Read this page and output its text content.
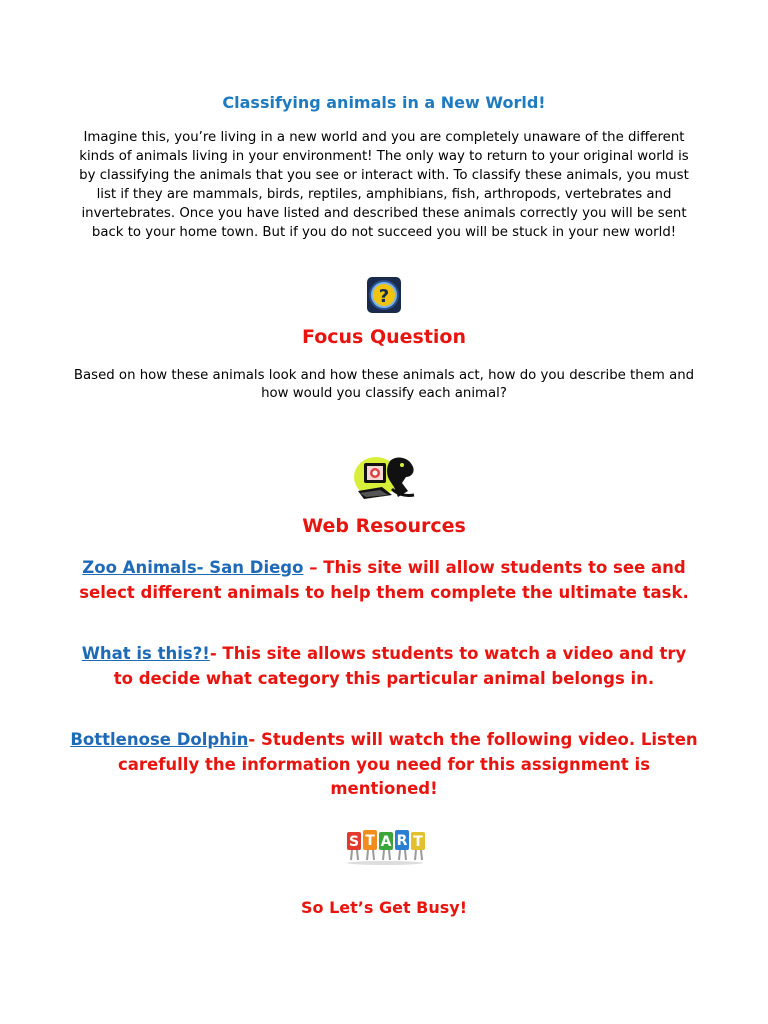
Classifying animals in a New World!
Imagine this, you’re living in a new world and you are completely unaware of the different kinds of animals living in your environment! The only way to return to your original world is by classifying the animals that you see or interact with. To classify these animals, you must list if they are mammals, birds, reptiles, amphibians, fish, arthropods, vertebrates and invertebrates. Once you have listed and described these animals correctly you will be sent back to your home town. But if you do not succeed you will be stuck in your new world!
?
Focus Question
Based on how these animals look and how these animals act, how do you describe them and how would you classify each animal?
Web Resources
Zoo Animals- San Diego – This site will allow students to see and select different animals to help them complete the ultimate task.
What is this?!- This site allows students to watch a video and try to decide what category this particular animal belongs in.
Bottlenose Dolphin- Students will watch the following video. Listen carefully the information you need for this assignment is mentioned!
S T A R T
So Let’s Get Busy!
